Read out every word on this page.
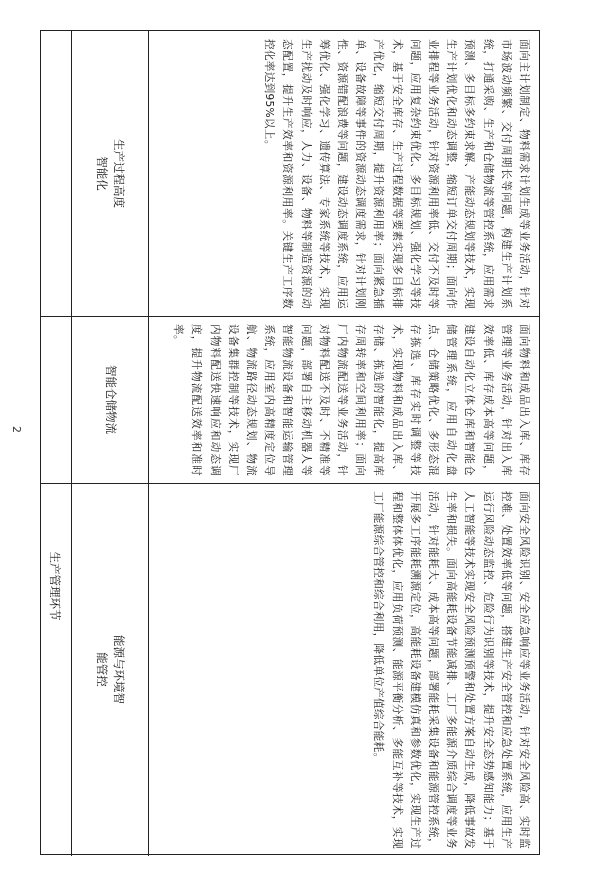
生产管理环节
面向主计划制定、物料需求计划生成等业务活动，针对市场波动频繁、交付周期长等问题，构建生产计划系统，打通采购、生产和仓储物流等管控系统，应用需求预测、多目标多约束求解、产能动态规划等技术，实现生产计划优化和动态调整，缩短订单交付周期；面向作业排程等业务活动，针对资源利用率低、交付不及时等问题，应用复杂约束优化、多目标规划、强化学习等技术，基于安全库存、生产过程数据等要素实现多目标排产优化，缩短交付周期，提升资源利用率；面向紧急插单、设备故障等事件的资源动态调度需求，针对计划刚性、资源错配浪费等问题，建设动态调度系统，应用运筹优化、强化学习、遗传算法、专家系统等技术，实现生产扰动及时响应，人力、设备、物料等制造资源的动态配置，提升生产效率和资源利用率。关键生产工序数控化率达到95%以上。
生产过程高度
智能化
面向物料和成品出入库、库存管理等业务活动，针对出入库效率低、库存成本高等问题，建设自动化立体仓库和智能仓储管理系统，应用自动化盘点、仓储策略优化、多形态混存拣选、库存实时调整等技术，实现物料和成品出入库、存储、拣选的智能化，提高库存周转率和空间利用率；面向厂内物流配送等业务活动，针对物料配送不及时、不精准等问题，部署自主移动机器人等智能物流设备和智能运输管理系统，应用室内高精度定位导航、物流路径动态规划、物流设备集群控制等技术，实现厂内物料配送快速响应和动态调度，提升物流配送效率和准时率。
智能仓储物流
面向安全风险识别、安全应急响应等业务活动，针对安全风险高、实时监控难、处置效率低等问题，搭建生产安全管控和应急处置系统，应用生产运行风险动态监控、危险行为识别等技术，提升安全态势感知能力；基于人工智能等技术实现安全风险预测预警和处置方案自动生成，降低事故发生率和损失。面向高能耗设备节能减排、工厂多能源介质综合调度等业务活动，针对能耗大、成本高等问题，部署能耗采集设备和能源管控系统，开展多工序能耗溯源定位，高能耗设备建模仿真和参数优化，实现生产过程和整体体优化，应用负荷预测、能源平衡分析、多能互补等技术，实现工厂能源综合管控和综合利用，降低单位产值综合能耗。
能源与环境智
能管控
2
